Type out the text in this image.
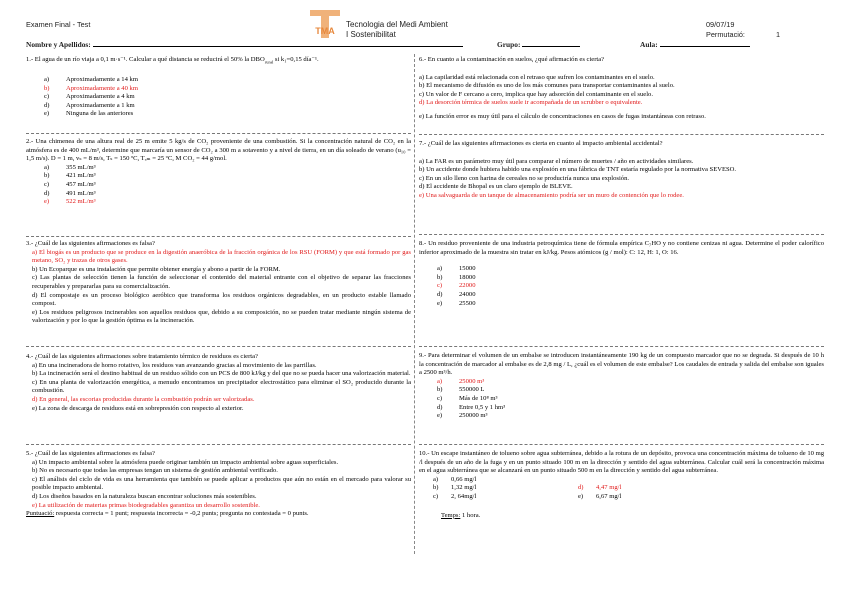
Examen Final - Test
TMA
Tecnologia del Medi Ambient
I Sostenibilitat
09/07/19
Permutació:	1
Nombre y Apellidos:	Grupo:	Aula:

1.- El agua de un río viaja a 0,1 m·s⁻¹. Calcular a qué distancia se reducirá el 50% la $DBO_{rural}$ si k₁=0,15 día⁻¹.

a)	Aproximadamente a 14 km
b)	Aproximadamente a 40 km
c)	Aproximadamente a 4 km
d)	Aproximadamente a 1 km
e)	Ninguna de las anteriores

2.- Una chimenea de una altura real de 25 m emite 5 kg/s de CO₂ proveniente de una combustión. Si la concentración natural de CO₂ en la atmósfera es de 400 mL/m³, determine que marcaría un sensor de CO₂ a 300 m a sotavento y a nivel de tierra, en un día soleado de verano (u₁₀ = 1,5 m/s). D = 1 m, vₛ = 8 m/s, Tₛ = 150 ºC, Tₐₘ = 25 ºC, M CO₂ = 44 g/mol.

a)	355 mL/m³
b)	421 mL/m³
c)	457 mL/m³
d)	491 mL/m³
e)	522 mL/m³

3.- ¿Cuál de las siguientes afirmaciones es falsa?

a) El biogás es un producto que se produce en la digestión anaeróbica de la fracción orgánica de los RSU (FORM) y que está formado por gas metano, SO₂ y trazas de otros gases.

b) Un Ecoparque es una instalación que permite obtener energía y abono a partir de la FORM.

c) Las plantas de selección tienen la función de seleccionar el contenido del material entrante con el objetivo de separar las fracciones recuperables y prepararlas para su comercialización.

d) El compostaje es un proceso biológico aeróbico que transforma los residuos orgánicos degradables, en un producto estable llamado compost.

e) Los residuos peligrosos incinerables son aquellos residuos que, debido a su composición, no se pueden tratar mediante ningún sistema de valorización y por lo que la gestión óptima es la incineración.

4.- ¿Cuál de las siguientes afirmaciones sobre tratamiento térmico de residuos es cierta?

a) En una incineradora de horno rotativo, los residuos van avanzando gracias al movimiento de las parrillas.

b) La incineración será el destino habitual de un residuo sólido con un PCS de 800 kJ/kg y del que no se pueda hacer una valorización material.

c) En una planta de valorización energética, a menudo encontramos un precipitador electrostático para eliminar el SO₂ producido durante la combustión.

d) En general, las escorias producidas durante la combustión podrán ser valorizadas.

e) La zona de descarga de residuos está en sobrepresión con respecto al exterior.

5.- ¿Cuál de las siguientes afirmaciones es falsa?

a) Un impacto ambiental sobre la atmósfera puede originar también un impacto ambiental sobre aguas superficiales.

b) No es necesario que todas las empresas tengan un sistema de gestión ambiental verificado.

c) El análisis del ciclo de vida es una herramienta que también se puede aplicar a productos que aún no están en el mercado para valorar su posible impacto ambiental.

d) Los diseños basados en la naturaleza buscan encontrar soluciones más sostenibles.

e) La utilización de materias primas biodegradables garantiza un desarrollo sostenible.

Puntuació: respuesta correcta = 1 punt; respuesta incorrecta = -0,2 punts; pregunta no contestada = 0 punts.

6.- En cuanto a la contaminación en suelos, ¿qué afirmación es cierta?

a) La capilaridad está relacionada con el retraso que sufren los contaminantes en el suelo.

b) El mecanismo de difusión es uno de los más comunes para transportar contaminantes al suelo.

c) Un valor de F cercano a cero, implica que hay adsorción del contaminante en el suelo.

d) La desorción térmica de suelos suele ir acompañada de un scrubber o equivalente.

e) La función error es muy útil para el cálculo de concentraciones en casos de fugas instantáneas con retraso.

7.- ¿Cuál de las siguientes afirmaciones es cierta en cuanto al impacto ambiental accidental?

a) La FAR es un parámetro muy útil para comparar el número de muertes / año en actividades similares.

b) Un accidente donde hubiera habido una explosión en una fábrica de TNT estaría regulado por la normativa SEVESO.

c) En un silo lleno con harina de cereales no se produciría nunca una explosión.

d) El accidente de Bhopal es un claro ejemplo de BLEVE.

e) Una salvaguarda de un tanque de almacenamiento podría ser un muro de contención que lo rodee.

8.- Un residuo proveniente de una industria petroquímica tiene de fórmula empírica C₇HO y no contiene cenizas ni agua. Determine el poder calorífico inferior aproximado de la muestra sin tratar en kJ/kg. Pesos atómicos (g / mol): C: 12, H: 1, O: 16.

a)	15000
b)	18000
c)	22000
d)	24000
e)	25500

9.- Para determinar el volumen de un embalse se introducen instantáneamente 190 kg de un compuesto marcador que no se degrada. Si después de 10 h la concentración de marcador al embalse es de 2,8 mg / L, ¿cuál es el volumen de este embalse? Los caudales de entrada y salida del embalse son iguales a 2500 m³/h.

a)	25000 m³
b)	550000 L
c)	Más de 10⁸ m³
d)	Entre 0,5 y 1 hm³
e)	250000 m³

10.- Un escape instantáneo de tolueno sobre agua subterránea, debido a la rotura de un depósito, provoca una concentración máxima de tolueno de 10 mg /l después de un año de la fuga y en un punto situado 100 m en la dirección y sentido del agua subterránea. Calcular cuál será la concentración máxima en el agua subterránea que se alcanzará en un punto situado 500 m en la dirección y sentido del agua subterránea.

a)	0,66 mg/l
b)	1,32 mg/l	d)	4,47 mg/l
c)	2, 64mg/l	e)	6,67 mg/l

Temps: 1 hora.
